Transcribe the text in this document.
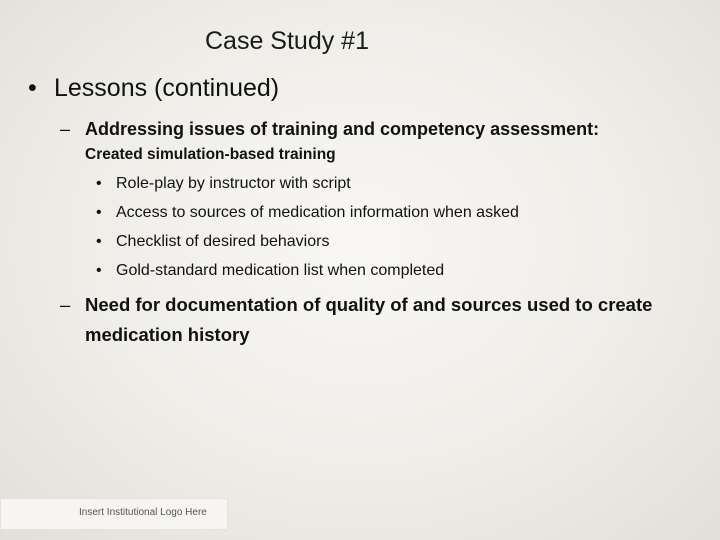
Case Study #1
• Lessons (continued)
– Addressing issues of training and competency assessment:
Created simulation-based training
• Role-play by instructor with script
• Access to sources of medication information when asked
• Checklist of desired behaviors
• Gold-standard medication list when completed
– Need for documentation of quality of and sources used to create medication history
Insert Institutional Logo Here
